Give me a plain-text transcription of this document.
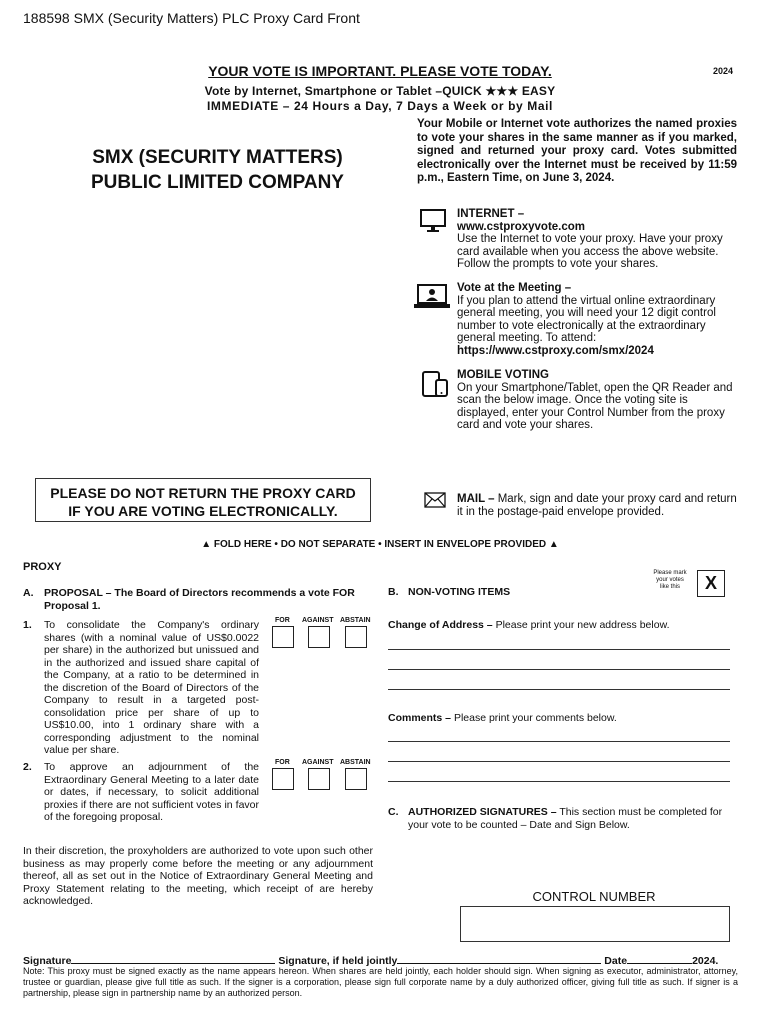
188598 SMX (Security Matters) PLC Proxy Card Front
2024
YOUR VOTE IS IMPORTANT. PLEASE VOTE TODAY.
Vote by Internet, Smartphone or Tablet –QUICK ★★★ EASY
IMMEDIATE – 24 Hours a Day, 7 Days a Week or by Mail
SMX (SECURITY MATTERS)
PUBLIC LIMITED COMPANY
Your Mobile or Internet vote authorizes the named proxies to vote your shares in the same manner as if you marked, signed and returned your proxy card. Votes submitted electronically over the Internet must be received by 11:59 p.m., Eastern Time, on June 3, 2024.
INTERNET –
www.cstproxyvote.com
Use the Internet to vote your proxy. Have your proxy card available when you access the above website. Follow the prompts to vote your shares.
Vote at the Meeting –
If you plan to attend the virtual online extraordinary general meeting, you will need your 12 digit control number to vote electronically at the extraordinary general meeting. To attend:
https://www.cstproxy.com/smx/2024
MOBILE VOTING
On your Smartphone/Tablet, open the QR Reader and scan the below image. Once the voting site is displayed, enter your Control Number from the proxy card and vote your shares.
PLEASE DO NOT RETURN THE PROXY CARD
IF YOU ARE VOTING ELECTRONICALLY.
MAIL – Mark, sign and date your proxy card and return it in the postage-paid envelope provided.
▲ FOLD HERE • DO NOT SEPARATE • INSERT IN ENVELOPE PROVIDED ▲
PROXY	Please mark
your votes
like this	X
A. PROPOSAL – The Board of Directors recommends a vote FOR Proposal 1.
1. To consolidate the Company's ordinary shares (with a nominal value of US$0.0022 per share) in the authorized but unissued and in the authorized and issued share capital of the Company, at a ratio to be determined in the discretion of the Board of Directors of the Company to result in a targeted post-consolidation price per share of up to US$10.00, into 1 ordinary share with a corresponding adjustment to the nominal value per share.
FOR AGAINST ABSTAIN
2. To approve an adjournment of the Extraordinary General Meeting to a later date or dates, if necessary, to solicit additional proxies if there are not sufficient votes in favor of the foregoing proposal.
FOR AGAINST ABSTAIN
B. NON-VOTING ITEMS
Change of Address – Please print your new address below.
Comments – Please print your comments below.
C. AUTHORIZED SIGNATURES – This section must be completed for your vote to be counted – Date and Sign Below.
In their discretion, the proxyholders are authorized to vote upon such other business as may properly come before the meeting or any adjournment thereof, all as set out in the Notice of Extraordinary General Meeting and Proxy Statement relating to the meeting, which receipt of are hereby acknowledged.	CONTROL NUMBER
Signature	Signature, if held jointly	Date	2024.
Note: This proxy must be signed exactly as the name appears hereon. When shares are held jointly, each holder should sign. When signing as executor, administrator, attorney, trustee or guardian, please give full title as such. If the signer is a corporation, please sign full corporate name by a duly authorized officer, giving full title as such. If signer is a partnership, please sign in partnership name by an authorized person.
